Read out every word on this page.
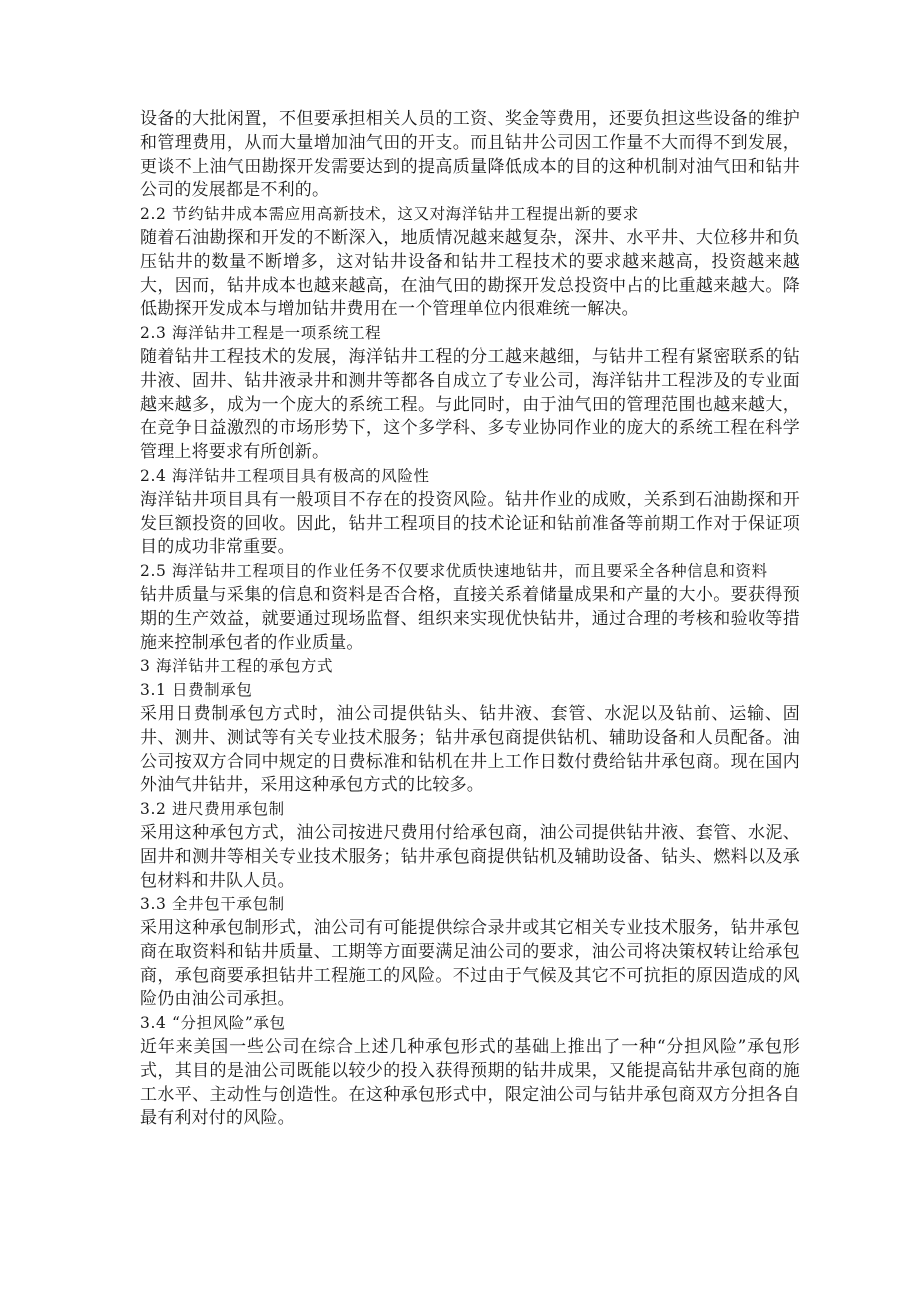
设备的大批闲置，不但要承担相关人员的工资、奖金等费用，还要负担这些设备的维护和管理费用，从而大量增加油气田的开支。而且钻井公司因工作量不大而得不到发展，更谈不上油气田勘探开发需要达到的提高质量降低成本的目的这种机制对油气田和钻井公司的发展都是不利的。

2.2 节约钻井成本需应用高新技术，这又对海洋钻井工程提出新的要求

随着石油勘探和开发的不断深入，地质情况越来越复杂，深井、水平井、大位移井和负压钻井的数量不断增多，这对钻井设备和钻井工程技术的要求越来越高，投资越来越大，因而，钻井成本也越来越高，在油气田的勘探开发总投资中占的比重越来越大。降低勘探开发成本与增加钻井费用在一个管理单位内很难统一解决。

2.3 海洋钻井工程是一项系统工程

随着钻井工程技术的发展，海洋钻井工程的分工越来越细，与钻井工程有紧密联系的钻井液、固井、钻井液录井和测井等都各自成立了专业公司，海洋钻井工程涉及的专业面越来越多，成为一个庞大的系统工程。与此同时，由于油气田的管理范围也越来越大，在竞争日益激烈的市场形势下，这个多学科、多专业协同作业的庞大的系统工程在科学管理上将要求有所创新。

2.4 海洋钻井工程项目具有极高的风险性

海洋钻井项目具有一般项目不存在的投资风险。钻井作业的成败，关系到石油勘探和开发巨额投资的回收。因此，钻井工程项目的技术论证和钻前准备等前期工作对于保证项目的成功非常重要。

2.5 海洋钻井工程项目的作业任务不仅要求优质快速地钻井，而且要采全各种信息和资料

钻井质量与采集的信息和资料是否合格，直接关系着储量成果和产量的大小。要获得预期的生产效益，就要通过现场监督、组织来实现优快钻井，通过合理的考核和验收等措施来控制承包者的作业质量。

3 海洋钻井工程的承包方式

3.1 日费制承包

采用日费制承包方式时，油公司提供钻头、钻井液、套管、水泥以及钻前、运输、固井、测井、测试等有关专业技术服务；钻井承包商提供钻机、辅助设备和人员配备。油公司按双方合同中规定的日费标准和钻机在井上工作日数付费给钻井承包商。现在国内外油气井钻井，采用这种承包方式的比较多。

3.2 进尺费用承包制

采用这种承包方式，油公司按进尺费用付给承包商，油公司提供钻井液、套管、水泥、固井和测井等相关专业技术服务；钻井承包商提供钻机及辅助设备、钻头、燃料以及承包材料和井队人员。

3.3 全井包干承包制

采用这种承包制形式，油公司有可能提供综合录井或其它相关专业技术服务，钻井承包商在取资料和钻井质量、工期等方面要满足油公司的要求，油公司将决策权转让给承包商，承包商要承担钻井工程施工的风险。不过由于气候及其它不可抗拒的原因造成的风险仍由油公司承担。

3.4 “分担风险”承包

近年来美国一些公司在综合上述几种承包形式的基础上推出了一种“分担风险”承包形式，其目的是油公司既能以较少的投入获得预期的钻井成果，又能提高钻井承包商的施工水平、主动性与创造性。在这种承包形式中，限定油公司与钻井承包商双方分担各自最有利对付的风险。
